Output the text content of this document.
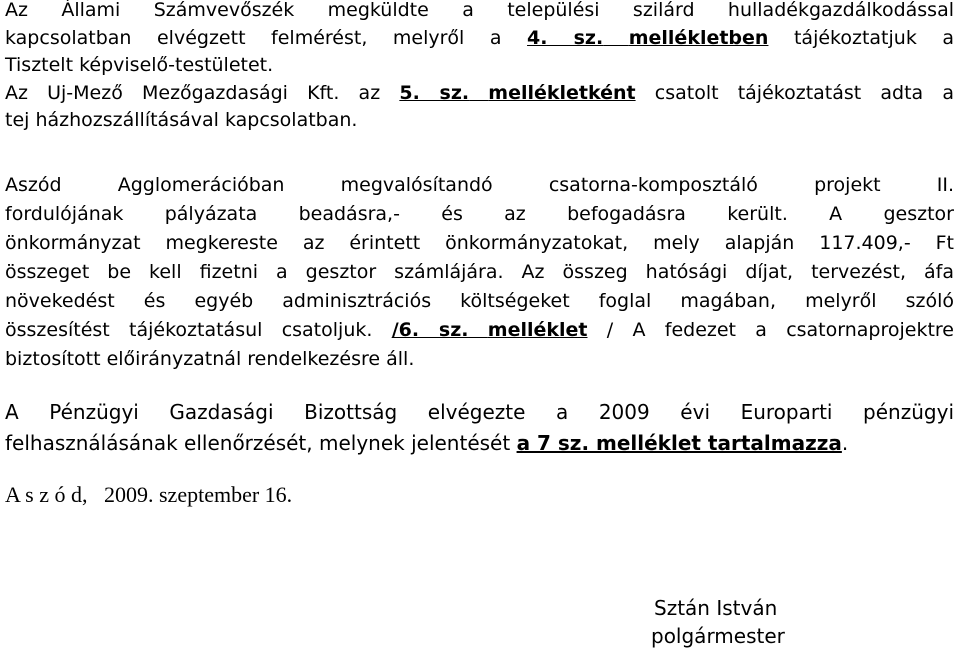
Az Állami Számvevőszék megküldte a települési szilárd hulladékgazdálkodással
kapcsolatban elvégzett felmérést, melyről a 4. sz. mellékletben tájékoztatjuk a
Tisztelt képviselő-testületet.
Az Uj-Mező Mezőgazdasági Kft. az 5. sz. mellékletként csatolt tájékoztatást adta a
tej házhozszállításával kapcsolatban.
Aszód Agglomerációban megvalósítandó csatorna-komposztáló projekt II.
fordulójának pályázata beadásra,- és az befogadásra került. A gesztor
önkormányzat megkereste az érintett önkormányzatokat, mely alapján 117.409,- Ft
összeget be kell fizetni a gesztor számlájára. Az összeg hatósági díjat, tervezést, áfa
növekedést és egyéb adminisztrációs költségeket foglal magában, melyről szóló
összesítést tájékoztatásul csatoljuk. /6. sz. melléklet / A fedezet a csatornaprojektre
biztosított előirányzatnál rendelkezésre áll.
A Pénzügyi Gazdasági Bizottság elvégezte a 2009 évi Europarti pénzügyi
felhasználásának ellenőrzését, melynek jelentését a 7 sz. melléklet tartalmazza.

A s z ó d,   2009. szeptember 16.

Sztán István
polgármester
